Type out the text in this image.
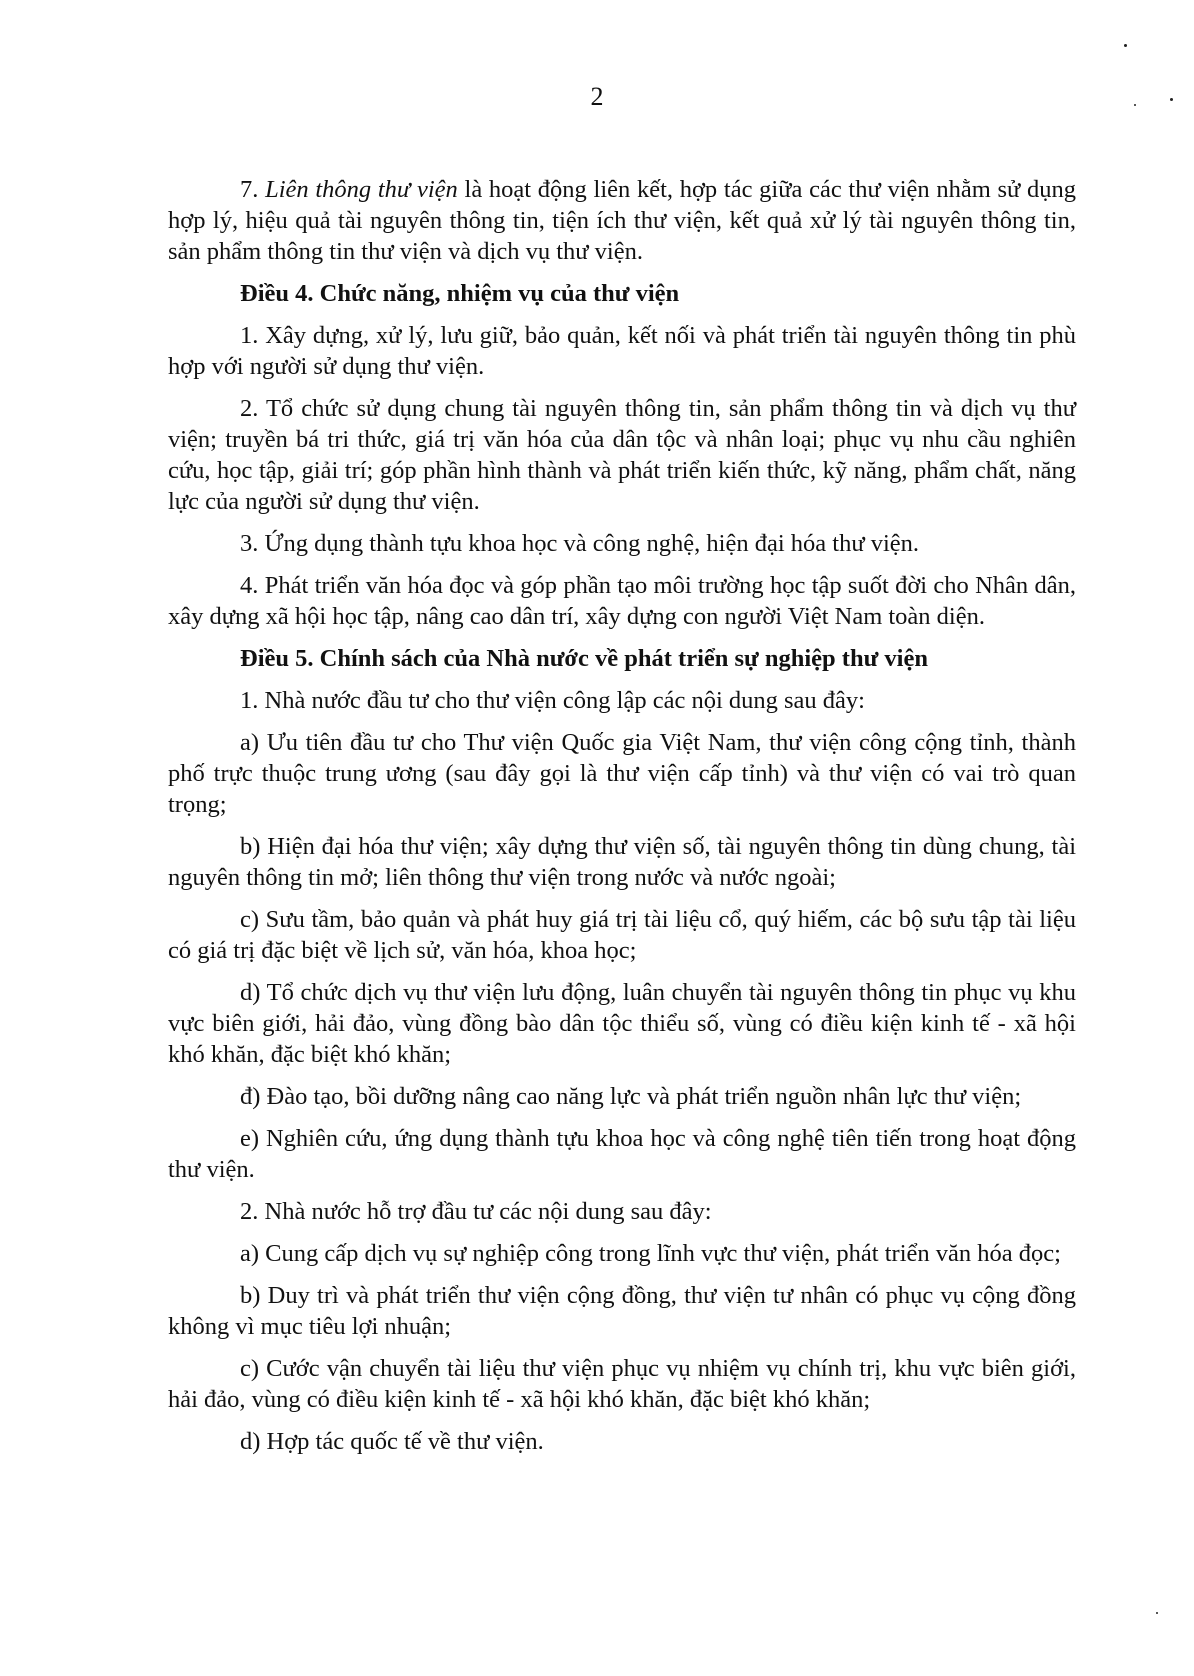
2

7. Liên thông thư viện là hoạt động liên kết, hợp tác giữa các thư viện nhằm sử dụng hợp lý, hiệu quả tài nguyên thông tin, tiện ích thư viện, kết quả xử lý tài nguyên thông tin, sản phẩm thông tin thư viện và dịch vụ thư viện.

Điều 4. Chức năng, nhiệm vụ của thư viện

1. Xây dựng, xử lý, lưu giữ, bảo quản, kết nối và phát triển tài nguyên thông tin phù hợp với người sử dụng thư viện.

2. Tổ chức sử dụng chung tài nguyên thông tin, sản phẩm thông tin và dịch vụ thư viện; truyền bá tri thức, giá trị văn hóa của dân tộc và nhân loại; phục vụ nhu cầu nghiên cứu, học tập, giải trí; góp phần hình thành và phát triển kiến thức, kỹ năng, phẩm chất, năng lực của người sử dụng thư viện.

3. Ứng dụng thành tựu khoa học và công nghệ, hiện đại hóa thư viện.

4. Phát triển văn hóa đọc và góp phần tạo môi trường học tập suốt đời cho Nhân dân, xây dựng xã hội học tập, nâng cao dân trí, xây dựng con người Việt Nam toàn diện.

Điều 5. Chính sách của Nhà nước về phát triển sự nghiệp thư viện

1. Nhà nước đầu tư cho thư viện công lập các nội dung sau đây:

a) Ưu tiên đầu tư cho Thư viện Quốc gia Việt Nam, thư viện công cộng tỉnh, thành phố trực thuộc trung ương (sau đây gọi là thư viện cấp tỉnh) và thư viện có vai trò quan trọng;

b) Hiện đại hóa thư viện; xây dựng thư viện số, tài nguyên thông tin dùng chung, tài nguyên thông tin mở; liên thông thư viện trong nước và nước ngoài;

c) Sưu tầm, bảo quản và phát huy giá trị tài liệu cổ, quý hiếm, các bộ sưu tập tài liệu có giá trị đặc biệt về lịch sử, văn hóa, khoa học;

d) Tổ chức dịch vụ thư viện lưu động, luân chuyển tài nguyên thông tin phục vụ khu vực biên giới, hải đảo, vùng đồng bào dân tộc thiểu số, vùng có điều kiện kinh tế - xã hội khó khăn, đặc biệt khó khăn;

đ) Đào tạo, bồi dưỡng nâng cao năng lực và phát triển nguồn nhân lực thư viện;

e) Nghiên cứu, ứng dụng thành tựu khoa học và công nghệ tiên tiến trong hoạt động thư viện.

2. Nhà nước hỗ trợ đầu tư các nội dung sau đây:

a) Cung cấp dịch vụ sự nghiệp công trong lĩnh vực thư viện, phát triển văn hóa đọc;

b) Duy trì và phát triển thư viện cộng đồng, thư viện tư nhân có phục vụ cộng đồng không vì mục tiêu lợi nhuận;

c) Cước vận chuyển tài liệu thư viện phục vụ nhiệm vụ chính trị, khu vực biên giới, hải đảo, vùng có điều kiện kinh tế - xã hội khó khăn, đặc biệt khó khăn;

d) Hợp tác quốc tế về thư viện.
